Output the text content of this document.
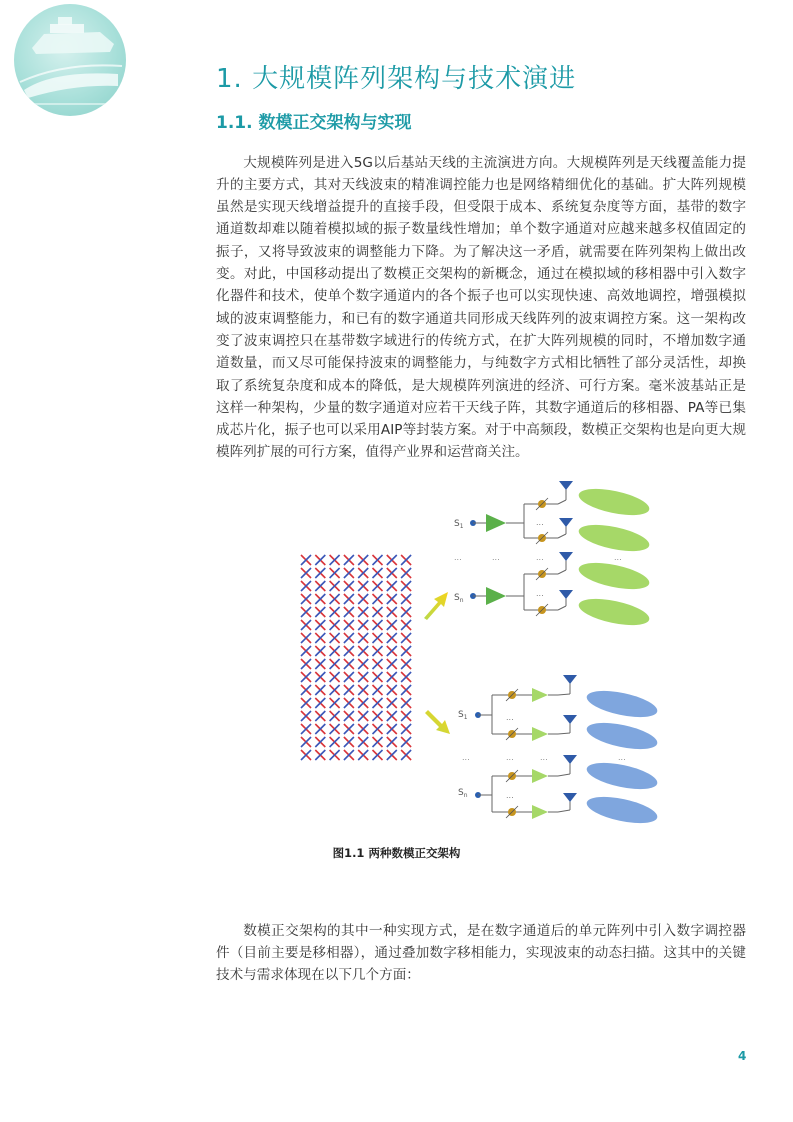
1. 大规模阵列架构与技术演进
1.1. 数模正交架构与实现

大规模阵列是进入5G以后基站天线的主流演进方向。大规模阵列是天线覆盖能力提升的主要方式，其对天线波束的精准调控能力也是网络精细优化的基础。扩大阵列规模虽然是实现天线增益提升的直接手段，但受限于成本、系统复杂度等方面，基带的数字通道数却难以随着模拟域的振子数量线性增加；单个数字通道对应越来越多权值固定的振子，又将导致波束的调整能力下降。为了解决这一矛盾，就需要在阵列架构上做出改变。对此，中国移动提出了数模正交架构的新概念，通过在模拟域的移相器中引入数字化器件和技术，使单个数字通道内的各个振子也可以实现快速、高效地调控，增强模拟域的波束调整能力，和已有的数字通道共同形成天线阵列的波束调控方案。这一架构改变了波束调控只在基带数字域进行的传统方式，在扩大阵列规模的同时，不增加数字通道数量，而又尽可能保持波束的调整能力，与纯数字方式相比牺牲了部分灵活性，却换取了系统复杂度和成本的降低，是大规模阵列演进的经济、可行方案。毫米波基站正是这样一种架构，少量的数字通道对应若干天线子阵，其数字通道后的移相器、PA等已集成芯片化，振子也可以采用AIP等封装方案。对于中高频段，数模正交架构也是向更大规模阵列扩展的可行方案，值得产业界和运营商关注。

$S_1$
$S_n$
...
...
...	...	...	...
$S_1$
$S_n$
...
...
...	...	...	...
图1.1 两种数模正交架构

数模正交架构的其中一种实现方式，是在数字通道后的单元阵列中引入数字调控器件（目前主要是移相器），通过叠加数字移相能力，实现波束的动态扫描。这其中的关键技术与需求体现在以下几个方面：

4
